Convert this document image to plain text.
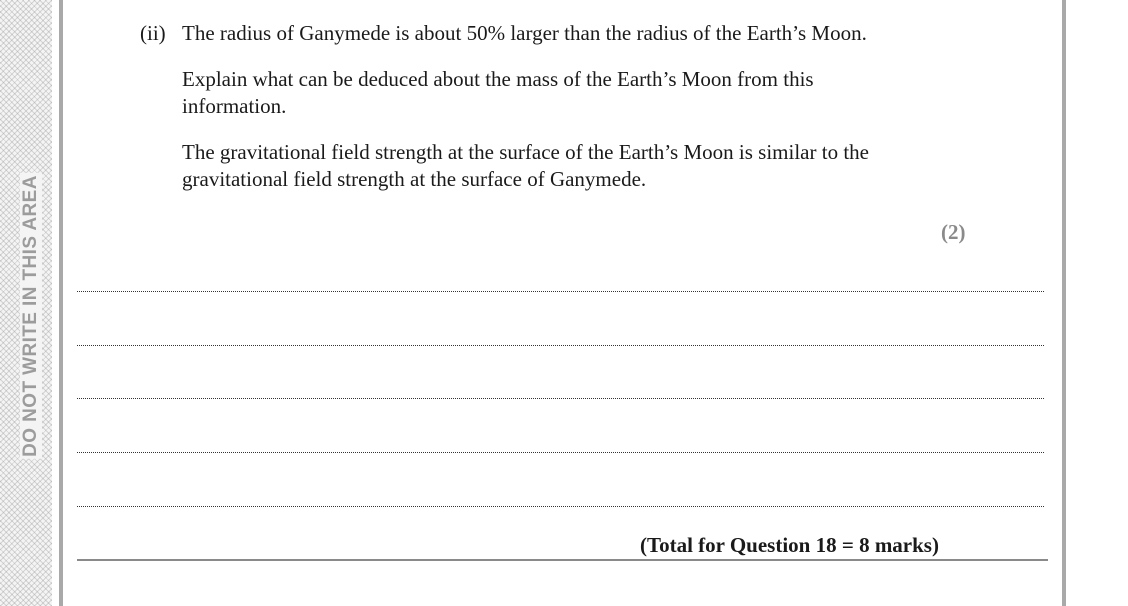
DO NOT WRITE IN THIS AREA
(ii) The radius of Ganymede is about 50% larger than the radius of the Earth’s Moon.
Explain what can be deduced about the mass of the Earth’s Moon from this information.
The gravitational field strength at the surface of the Earth’s Moon is similar to the gravitational field strength at the surface of Ganymede.
(2)
(Total for Question 18 = 8 marks)
